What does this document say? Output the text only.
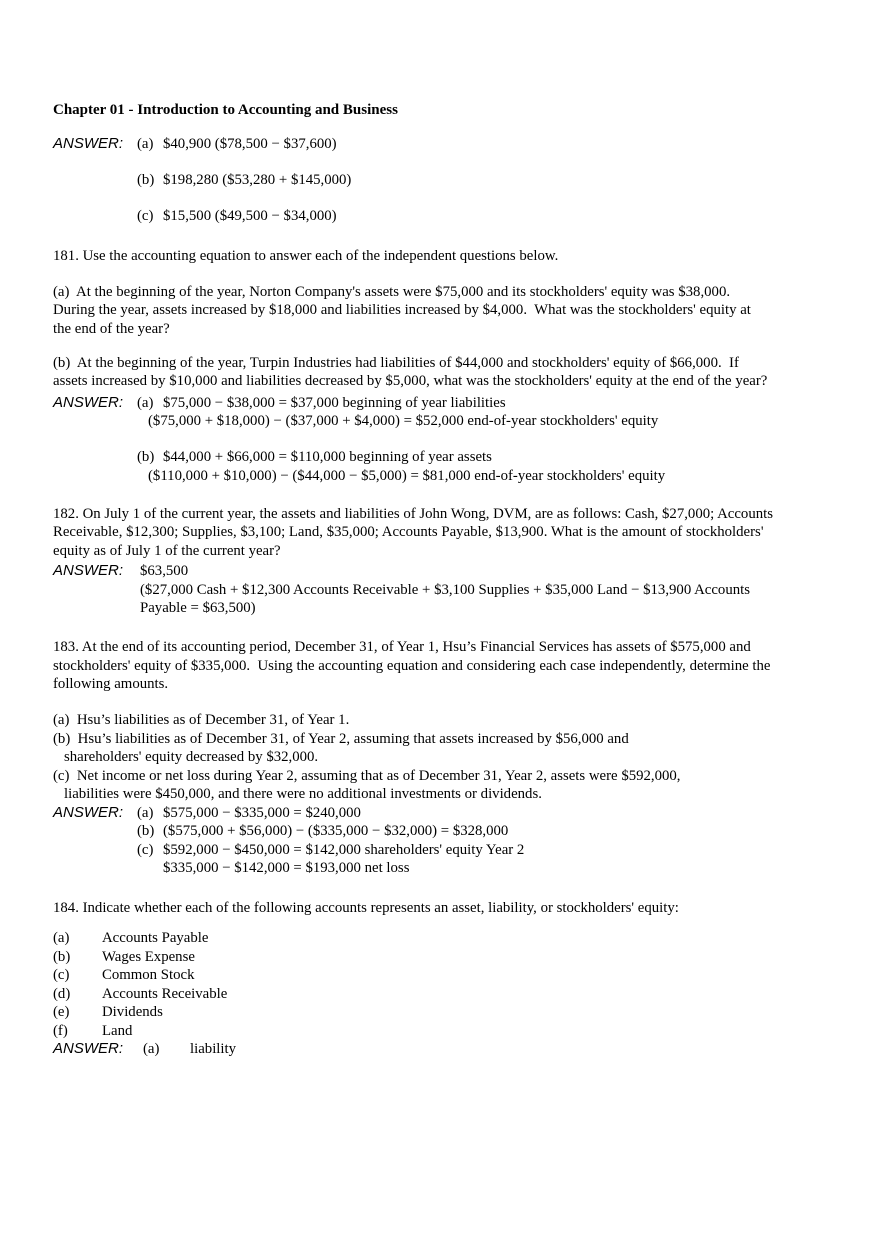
Chapter 01 - Introduction to Accounting and Business
ANSWER: (a) $40,900 ($78,500 − $37,600)
(b) $198,280 ($53,280 + $145,000)
(c) $15,500 ($49,500 − $34,000)
181. Use the accounting equation to answer each of the independent questions below.
(a)  At the beginning of the year, Norton Company's assets were $75,000 and its stockholders' equity was $38,000.
During the year, assets increased by $18,000 and liabilities increased by $4,000.  What was the stockholders' equity at
the end of the year?
(b)  At the beginning of the year, Turpin Industries had liabilities of $44,000 and stockholders' equity of $66,000.  If
assets increased by $10,000 and liabilities decreased by $5,000, what was the stockholders' equity at the end of the year?
ANSWER: (a) $75,000 − $38,000 = $37,000 beginning of year liabilities
($75,000 + $18,000) − ($37,000 + $4,000) = $52,000 end-of-year stockholders' equity
(b) $44,000 + $66,000 = $110,000 beginning of year assets
($110,000 + $10,000) − ($44,000 − $5,000) = $81,000 end-of-year stockholders' equity
182. On July 1 of the current year, the assets and liabilities of John Wong, DVM, are as follows: Cash, $27,000; Accounts
Receivable, $12,300; Supplies, $3,100; Land, $35,000; Accounts Payable, $13,900. What is the amount of stockholders'
equity as of July 1 of the current year?
ANSWER:	$63,500
($27,000 Cash + $12,300 Accounts Receivable + $3,100 Supplies + $35,000 Land − $13,900 Accounts
Payable = $63,500)
183. At the end of its accounting period, December 31, of Year 1, Hsu’s Financial Services has assets of $575,000 and
stockholders' equity of $335,000.  Using the accounting equation and considering each case independently, determine the
following amounts.
(a)  Hsu’s liabilities as of December 31, of Year 1.
(b)  Hsu’s liabilities as of December 31, of Year 2, assuming that assets increased by $56,000 and
shareholders' equity decreased by $32,000.
(c)  Net income or net loss during Year 2, assuming that as of December 31, Year 2, assets were $592,000,
liabilities were $450,000, and there were no additional investments or dividends.
ANSWER: (a) $575,000 − $335,000 = $240,000
(b) ($575,000 + $56,000) − ($335,000 − $32,000) = $328,000
(c) $592,000 − $450,000 = $142,000 shareholders' equity Year 2
$335,000 − $142,000 = $193,000 net loss
184. Indicate whether each of the following accounts represents an asset, liability, or stockholders' equity:
(a)	Accounts Payable
(b)	Wages Expense
(c)	Common Stock
(d)	Accounts Receivable
(e)	Dividends
(f)	Land
ANSWER:	(a)	liability
